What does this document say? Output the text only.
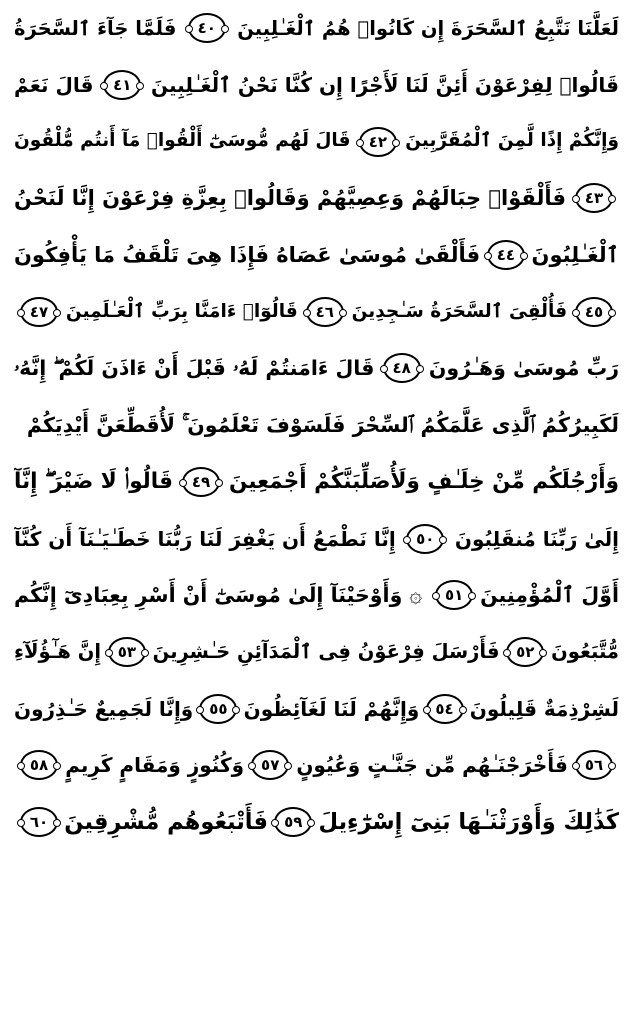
لَعَلَّنَا نَتَّبِعُ ٱلسَّحَرَةَ إِن كَانُوا۟ هُمُ ٱلْغَـٰلِبِينَ
٤٠
فَلَمَّا جَآءَ ٱلسَّحَرَةُ
قَالُوا۟ لِفِرْعَوْنَ أَئِنَّ لَنَا لَأَجْرًا إِن كُنَّا نَحْنُ ٱلْغَـٰلِبِينَ
٤١
قَالَ نَعَمْ
وَإِنَّكُمْ إِذًا لَّمِنَ ٱلْمُقَرَّبِينَ
٤٢
قَالَ لَهُم مُّوسَىٰٓ أَلْقُوا۟ مَآ أَنتُم مُّلْقُونَ
٤٣
فَأَلْقَوْا۟ حِبَالَهُمْ وَعِصِيَّهُمْ وَقَالُوا۟ بِعِزَّةِ فِرْعَوْنَ إِنَّا لَنَحْنُ
ٱلْغَـٰلِبُونَ
٤٤
فَأَلْقَىٰ مُوسَىٰ عَصَاهُ فَإِذَا هِىَ تَلْقَفُ مَا يَأْفِكُونَ
٤٥
فَأُلْقِىَ ٱلسَّحَرَةُ سَـٰجِدِينَ
٤٦
قَالُوٓا۟ ءَامَنَّا بِرَبِّ ٱلْعَـٰلَمِينَ
٤٧
رَبِّ مُوسَىٰ وَهَـٰرُونَ
٤٨
قَالَ ءَامَنتُمْ لَهُۥ قَبْلَ أَنْ ءَاذَنَ لَكُمْ ۖ إِنَّهُۥ
لَكَبِيرُكُمُ ٱلَّذِى عَلَّمَكُمُ ٱلسِّحْرَ فَلَسَوْفَ تَعْلَمُونَ ۚ لَأُقَطِّعَنَّ أَيْدِيَكُمْ
وَأَرْجُلَكُم مِّنْ خِلَـٰفٍ وَلَأُصَلِّبَنَّكُمْ أَجْمَعِينَ
٤٩
قَالُوا۟ لَا ضَيْرَ ۖ إِنَّآ
إِلَىٰ رَبِّنَا مُنقَلِبُونَ
٥٠
إِنَّا نَطْمَعُ أَن يَغْفِرَ لَنَا رَبُّنَا خَطَـٰيَـٰنَآ أَن كُنَّآ
أَوَّلَ ٱلْمُؤْمِنِينَ
٥١
۞
وَأَوْحَيْنَآ إِلَىٰ مُوسَىٰٓ أَنْ أَسْرِ بِعِبَادِىٓ إِنَّكُم
مُّتَّبَعُونَ
٥٢
فَأَرْسَلَ فِرْعَوْنُ فِى ٱلْمَدَآئِنِ حَـٰشِرِينَ
٥٣
إِنَّ هَـٰٓؤُلَآءِ
لَشِرْذِمَةٌ قَلِيلُونَ
٥٤
وَإِنَّهُمْ لَنَا لَغَآئِظُونَ
٥٥
وَإِنَّا لَجَمِيعٌ حَـٰذِرُونَ
٥٦
فَأَخْرَجْنَـٰهُم مِّن جَنَّـٰتٍ وَعُيُونٍ
٥٧
وَكُنُوزٍ وَمَقَامٍ كَرِيمٍ
٥٨
كَذَٰلِكَ وَأَوْرَثْنَـٰهَا بَنِىٓ إِسْرَٰٓءِيلَ
٥٩
فَأَتْبَعُوهُم مُّشْرِقِينَ
٦٠
